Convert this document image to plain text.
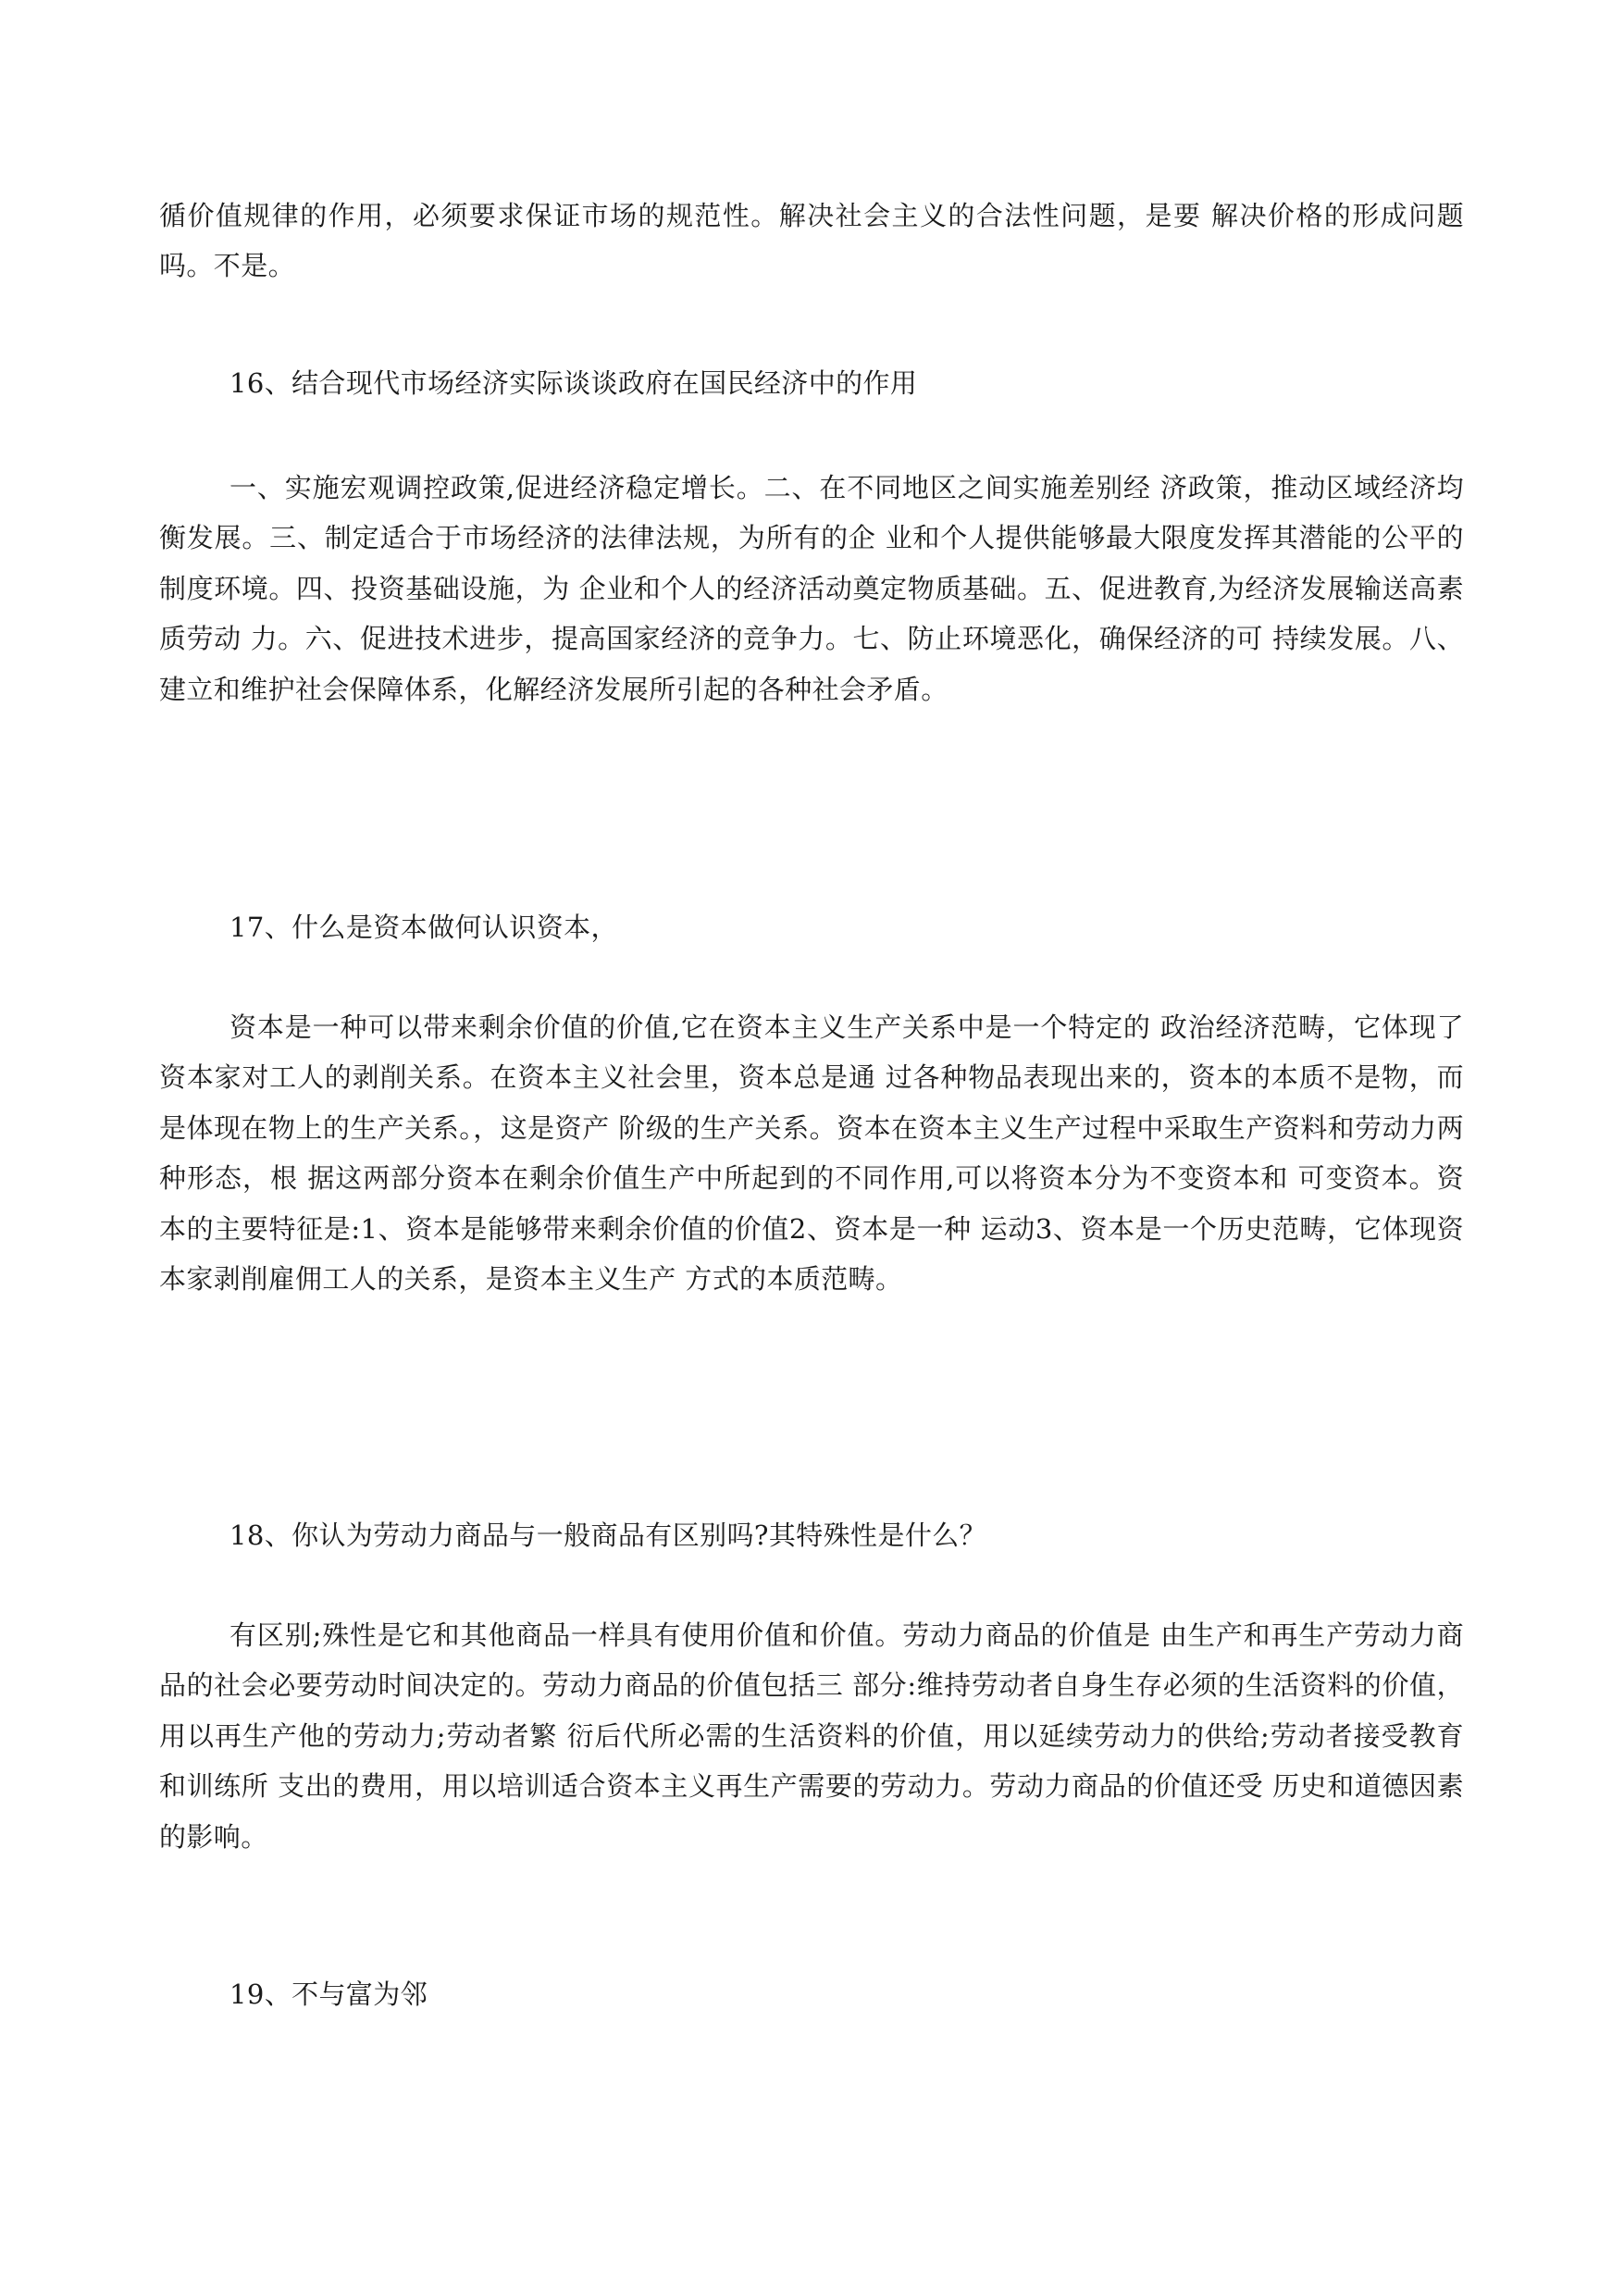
循价值规律的作用，必须要求保证市场的规范性。解决社会主义的合法性问题，是要 解决价格的形成问题吗。不是。

16、结合现代市场经济实际谈谈政府在国民经济中的作用

一、实施宏观调控政策,促进经济稳定增长。二、在不同地区之间实施差别经 济政策，推动区域经济均衡发展。三、制定适合于市场经济的法律法规，为所有的企 业和个人提供能够最大限度发挥其潜能的公平的制度环境。四、投资基础设施，为 企业和个人的经济活动奠定物质基础。五、促进教育,为经济发展输送高素质劳动 力。六、促进技术进步，提高国家经济的竞争力。七、防止环境恶化，确保经济的可 持续发展。八、建立和维护社会保障体系，化解经济发展所引起的各种社会矛盾。

17、什么是资本做何认识资本，

资本是一种可以带来剩余价值的价值,它在资本主义生产关系中是一个特定的 政治经济范畴，它体现了资本家对工人的剥削关系。在资本主义社会里，资本总是通 过各种物品表现出来的，资本的本质不是物，而是体现在物上的生产关系。，这是资产 阶级的生产关系。资本在资本主义生产过程中采取生产资料和劳动力两种形态，根 据这两部分资本在剩余价值生产中所起到的不同作用,可以将资本分为不变资本和 可变资本。资本的主要特征是:1、资本是能够带来剩余价值的价值2、资本是一种 运动3、资本是一个历史范畴，它体现资本家剥削雇佣工人的关系，是资本主义生产 方式的本质范畴。

18、你认为劳动力商品与一般商品有区别吗?其特殊性是什么？

有区别;殊性是它和其他商品一样具有使用价值和价值。劳动力商品的价值是 由生产和再生产劳动力商品的社会必要劳动时间决定的。劳动力商品的价值包括三 部分:维持劳动者自身生存必须的生活资料的价值，用以再生产他的劳动力;劳动者繁 衍后代所必需的生活资料的价值，用以延续劳动力的供给;劳动者接受教育和训练所 支出的费用，用以培训适合资本主义再生产需要的劳动力。劳动力商品的价值还受 历史和道德因素的影响。

19、不与富为邻
